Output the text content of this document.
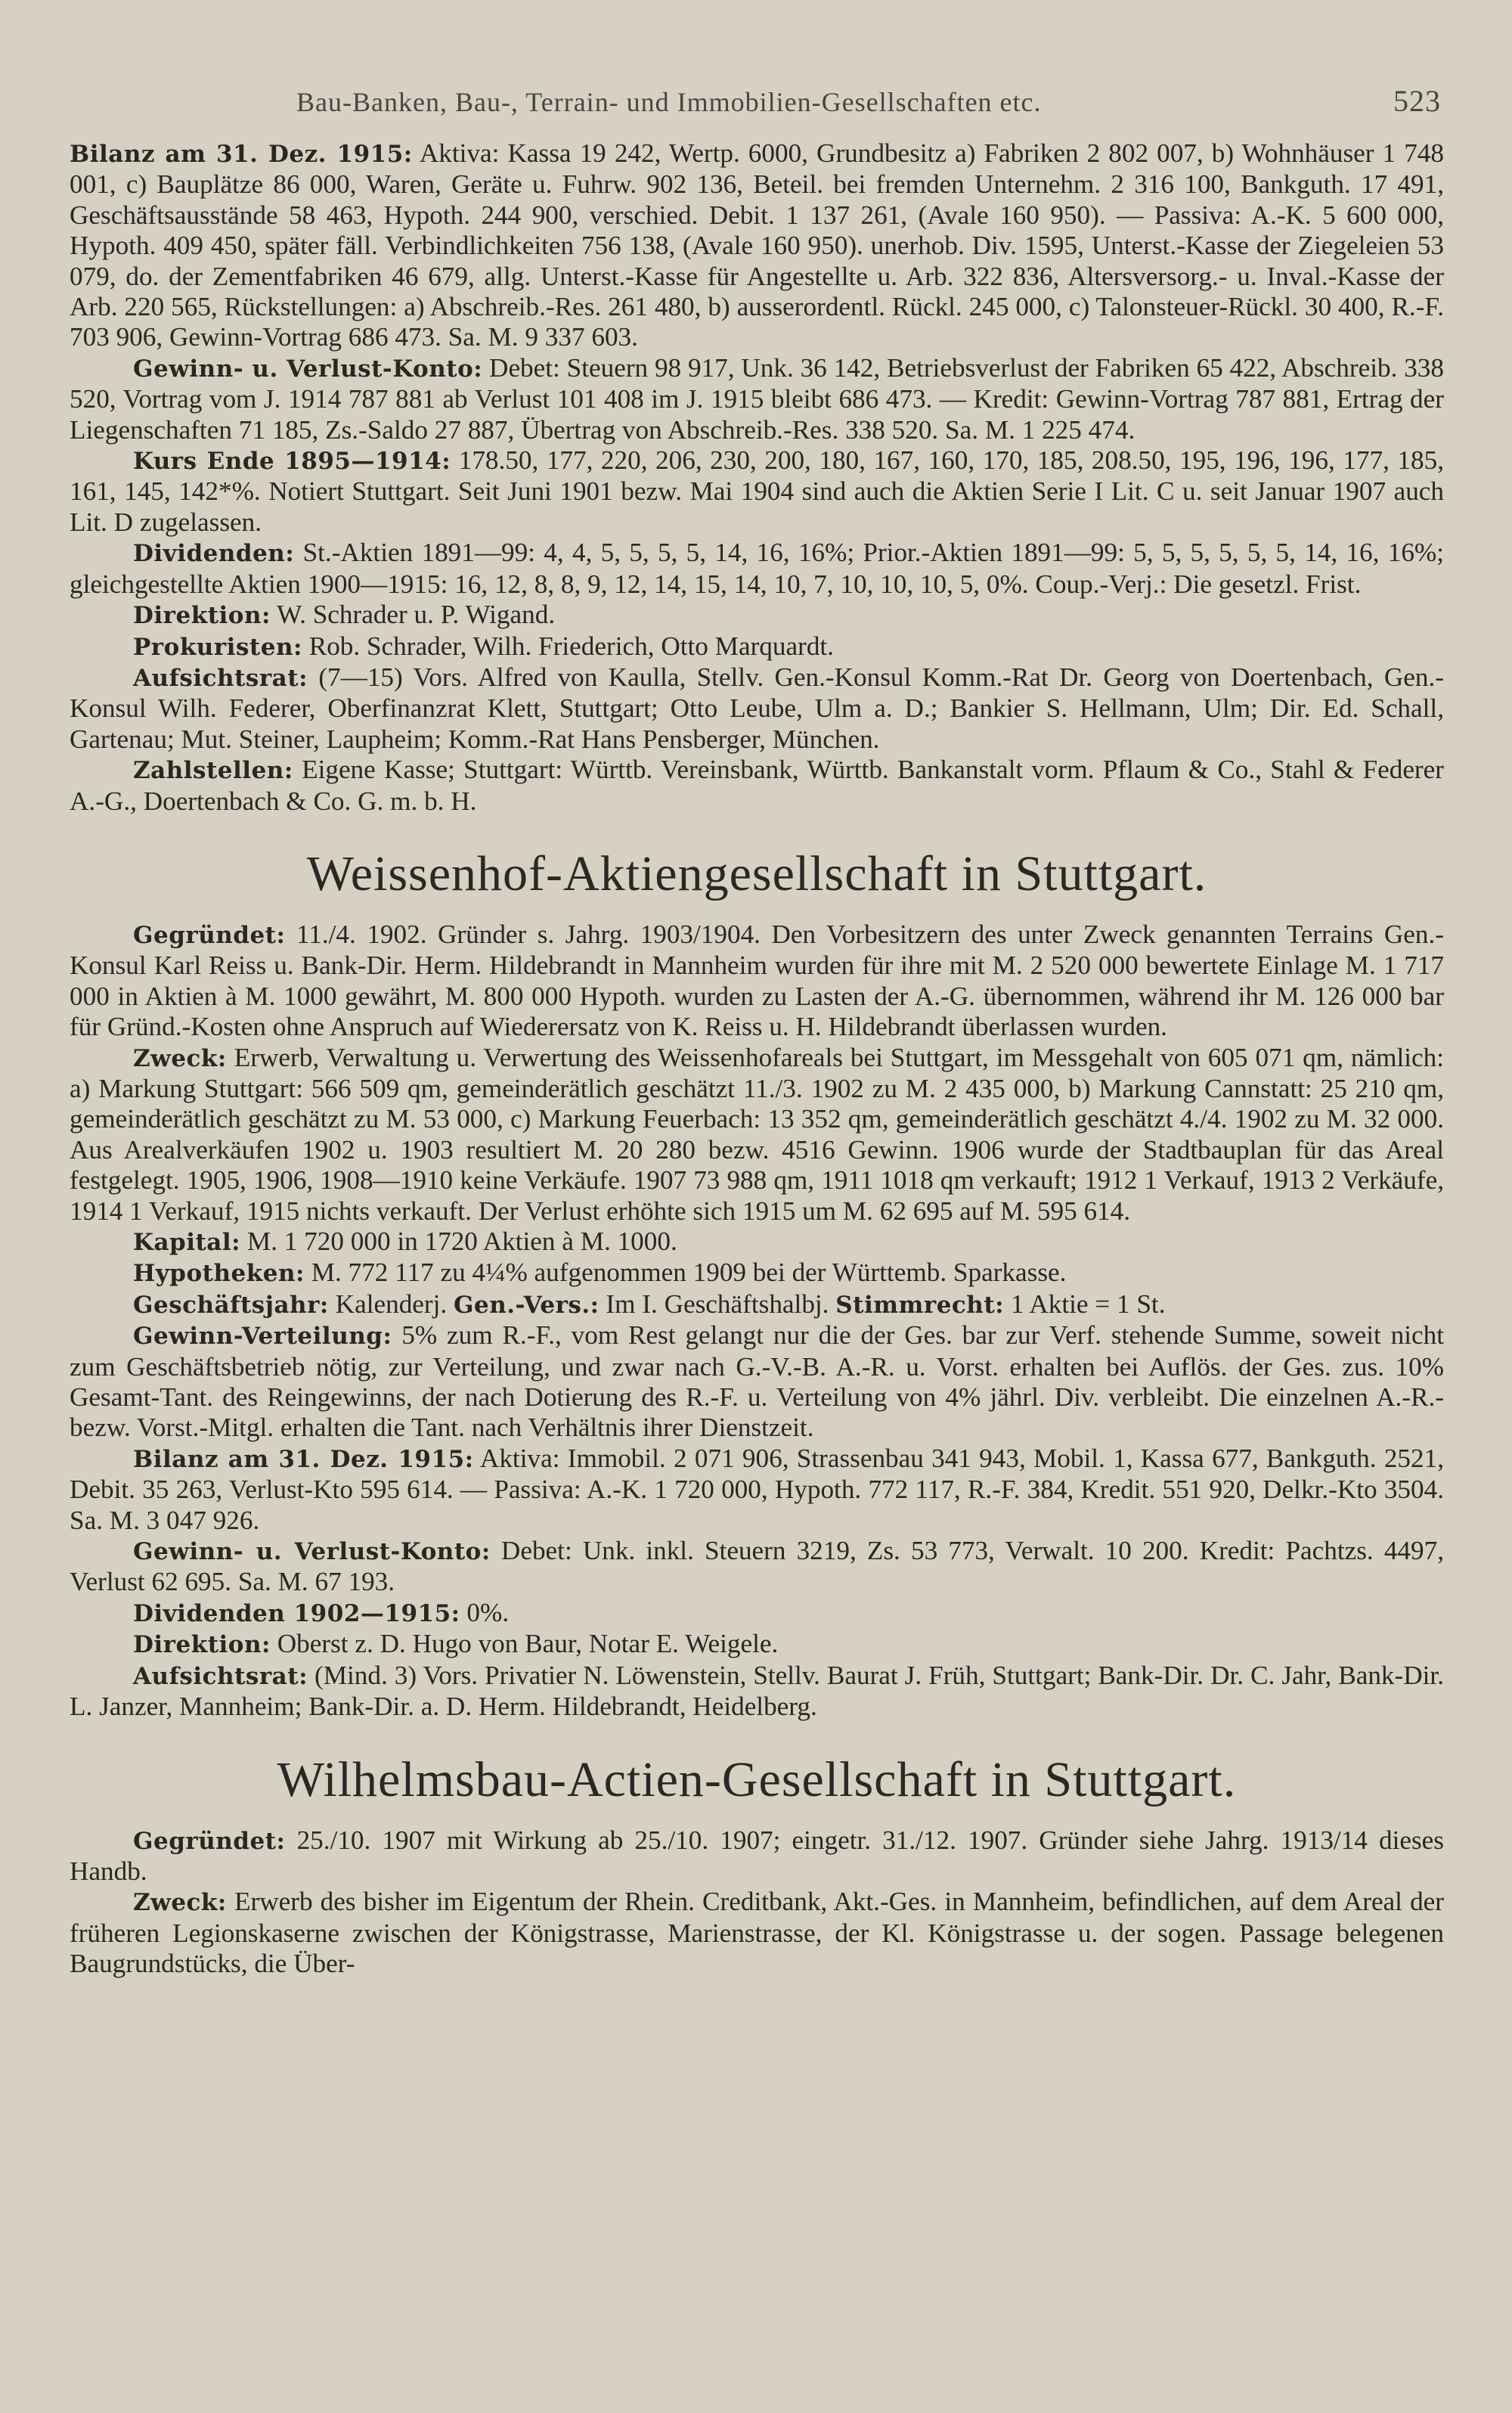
Bau-Banken, Bau-, Terrain- und Immobilien-Gesellschaften etc.	523

Bilanz am 31. Dez. 1915: Aktiva: Kassa 19 242, Wertp. 6000, Grundbesitz a) Fabriken 2 802 007, b) Wohnhäuser 1 748 001, c) Bauplätze 86 000, Waren, Geräte u. Fuhrw. 902 136, Beteil. bei fremden Unternehm. 2 316 100, Bankguth. 17 491, Geschäftsausstände 58 463, Hypoth. 244 900, verschied. Debit. 1 137 261, (Avale 160 950). — Passiva: A.-K. 5 600 000, Hypoth. 409 450, später fäll. Verbindlichkeiten 756 138, (Avale 160 950). unerhob. Div. 1595, Unterst.-Kasse der Ziegeleien 53 079, do. der Zementfabriken 46 679, allg. Unterst.-Kasse für Angestellte u. Arb. 322 836, Altersversorg.- u. Inval.-Kasse der Arb. 220 565, Rückstellungen: a) Abschreib.-Res. 261 480, b) ausserordentl. Rückl. 245 000, c) Talonsteuer-Rückl. 30 400, R.-F. 703 906, Gewinn-Vortrag 686 473. Sa. M. 9 337 603.

Gewinn- u. Verlust-Konto: Debet: Steuern 98 917, Unk. 36 142, Betriebsverlust der Fabriken 65 422, Abschreib. 338 520, Vortrag vom J. 1914 787 881 ab Verlust 101 408 im J. 1915 bleibt 686 473. — Kredit: Gewinn-Vortrag 787 881, Ertrag der Liegenschaften 71 185, Zs.-Saldo 27 887, Übertrag von Abschreib.-Res. 338 520. Sa. M. 1 225 474.

Kurs Ende 1895—1914: 178.50, 177, 220, 206, 230, 200, 180, 167, 160, 170, 185, 208.50, 195, 196, 196, 177, 185, 161, 145, 142*%. Notiert Stuttgart. Seit Juni 1901 bezw. Mai 1904 sind auch die Aktien Serie I Lit. C u. seit Januar 1907 auch Lit. D zugelassen.

Dividenden: St.-Aktien 1891—99: 4, 4, 5, 5, 5, 5, 14, 16, 16%; Prior.-Aktien 1891—99: 5, 5, 5, 5, 5, 5, 14, 16, 16%; gleichgestellte Aktien 1900—1915: 16, 12, 8, 8, 9, 12, 14, 15, 14, 10, 7, 10, 10, 10, 5, 0%. Coup.-Verj.: Die gesetzl. Frist.

Direktion: W. Schrader u. P. Wigand.

Prokuristen: Rob. Schrader, Wilh. Friederich, Otto Marquardt.

Aufsichtsrat: (7—15) Vors. Alfred von Kaulla, Stellv. Gen.-Konsul Komm.-Rat Dr. Georg von Doertenbach, Gen.-Konsul Wilh. Federer, Oberfinanzrat Klett, Stuttgart; Otto Leube, Ulm a. D.; Bankier S. Hellmann, Ulm; Dir. Ed. Schall, Gartenau; Mut. Steiner, Laupheim; Komm.-Rat Hans Pensberger, München.

Zahlstellen: Eigene Kasse; Stuttgart: Württb. Vereinsbank, Württb. Bankanstalt vorm. Pflaum & Co., Stahl & Federer A.-G., Doertenbach & Co. G. m. b. H.

Weissenhof-Aktiengesellschaft in Stuttgart.

Gegründet: 11./4. 1902. Gründer s. Jahrg. 1903/1904. Den Vorbesitzern des unter Zweck genannten Terrains Gen.-Konsul Karl Reiss u. Bank-Dir. Herm. Hildebrandt in Mannheim wurden für ihre mit M. 2 520 000 bewertete Einlage M. 1 717 000 in Aktien à M. 1000 gewährt, M. 800 000 Hypoth. wurden zu Lasten der A.-G. übernommen, während ihr M. 126 000 bar für Gründ.-Kosten ohne Anspruch auf Wiederersatz von K. Reiss u. H. Hildebrandt überlassen wurden.

Zweck: Erwerb, Verwaltung u. Verwertung des Weissenhofareals bei Stuttgart, im Messgehalt von 605 071 qm, nämlich: a) Markung Stuttgart: 566 509 qm, gemeinderätlich geschätzt 11./3. 1902 zu M. 2 435 000, b) Markung Cannstatt: 25 210 qm, gemeinderätlich geschätzt zu M. 53 000, c) Markung Feuerbach: 13 352 qm, gemeinderätlich geschätzt 4./4. 1902 zu M. 32 000. Aus Arealverkäufen 1902 u. 1903 resultiert M. 20 280 bezw. 4516 Gewinn. 1906 wurde der Stadtbauplan für das Areal festgelegt. 1905, 1906, 1908—1910 keine Verkäufe. 1907 73 988 qm, 1911 1018 qm verkauft; 1912 1 Verkauf, 1913 2 Verkäufe, 1914 1 Verkauf, 1915 nichts verkauft. Der Verlust erhöhte sich 1915 um M. 62 695 auf M. 595 614.

Kapital: M. 1 720 000 in 1720 Aktien à M. 1000.

Hypotheken: M. 772 117 zu 4¼% aufgenommen 1909 bei der Württemb. Sparkasse.

Geschäftsjahr: Kalenderj. Gen.-Vers.: Im I. Geschäftshalbj. Stimmrecht: 1 Aktie = 1 St.

Gewinn-Verteilung: 5% zum R.-F., vom Rest gelangt nur die der Ges. bar zur Verf. stehende Summe, soweit nicht zum Geschäftsbetrieb nötig, zur Verteilung, und zwar nach G.-V.-B. A.-R. u. Vorst. erhalten bei Auflös. der Ges. zus. 10% Gesamt-Tant. des Reingewinns, der nach Dotierung des R.-F. u. Verteilung von 4% jährl. Div. verbleibt. Die einzelnen A.-R.- bezw. Vorst.-Mitgl. erhalten die Tant. nach Verhältnis ihrer Dienstzeit.

Bilanz am 31. Dez. 1915: Aktiva: Immobil. 2 071 906, Strassenbau 341 943, Mobil. 1, Kassa 677, Bankguth. 2521, Debit. 35 263, Verlust-Kto 595 614. — Passiva: A.-K. 1 720 000, Hypoth. 772 117, R.-F. 384, Kredit. 551 920, Delkr.-Kto 3504. Sa. M. 3 047 926.

Gewinn- u. Verlust-Konto: Debet: Unk. inkl. Steuern 3219, Zs. 53 773, Verwalt. 10 200. Kredit: Pachtzs. 4497, Verlust 62 695. Sa. M. 67 193.

Dividenden 1902—1915: 0%.

Direktion: Oberst z. D. Hugo von Baur, Notar E. Weigele.

Aufsichtsrat: (Mind. 3) Vors. Privatier N. Löwenstein, Stellv. Baurat J. Früh, Stuttgart; Bank-Dir. Dr. C. Jahr, Bank-Dir. L. Janzer, Mannheim; Bank-Dir. a. D. Herm. Hildebrandt, Heidelberg.

Wilhelmsbau-Actien-Gesellschaft in Stuttgart.

Gegründet: 25./10. 1907 mit Wirkung ab 25./10. 1907; eingetr. 31./12. 1907. Gründer siehe Jahrg. 1913/14 dieses Handb.

Zweck: Erwerb des bisher im Eigentum der Rhein. Creditbank, Akt.-Ges. in Mannheim, befindlichen, auf dem Areal der früheren Legionskaserne zwischen der Königstrasse, Marienstrasse, der Kl. Königstrasse u. der sogen. Passage belegenen Baugrundstücks, die Über-
